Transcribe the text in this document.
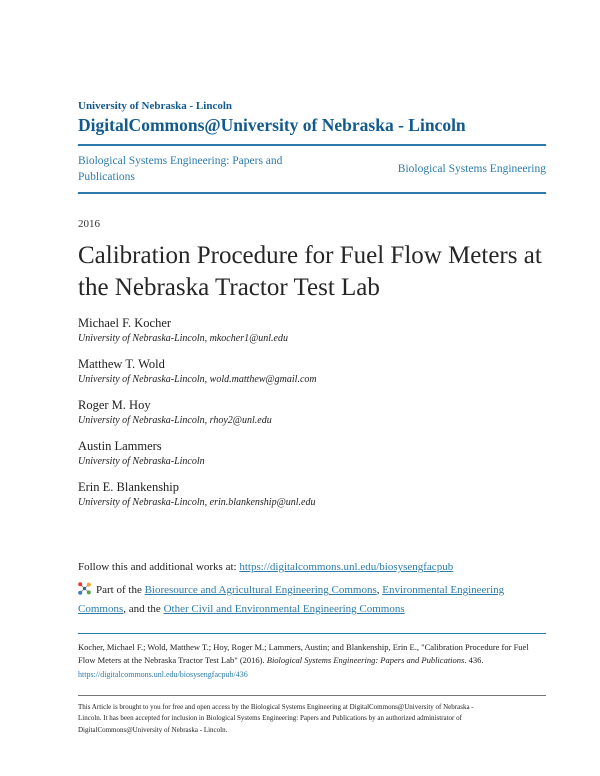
University of Nebraska - Lincoln
DigitalCommons@University of Nebraska - Lincoln
Biological Systems Engineering: Papers and Publications
Biological Systems Engineering
2016
Calibration Procedure for Fuel Flow Meters at the Nebraska Tractor Test Lab
Michael F. Kocher
University of Nebraska-Lincoln, mkocher1@unl.edu
Matthew T. Wold
University of Nebraska-Lincoln, wold.matthew@gmail.com
Roger M. Hoy
University of Nebraska-Lincoln, rhoy2@unl.edu
Austin Lammers
University of Nebraska-Lincoln
Erin E. Blankenship
University of Nebraska-Lincoln, erin.blankenship@unl.edu
Follow this and additional works at: https://digitalcommons.unl.edu/biosysengfacpub
Part of the Bioresource and Agricultural Engineering Commons, Environmental Engineering Commons, and the Other Civil and Environmental Engineering Commons
Kocher, Michael F.; Wold, Matthew T.; Hoy, Roger M.; Lammers, Austin; and Blankenship, Erin E., "Calibration Procedure for Fuel Flow Meters at the Nebraska Tractor Test Lab" (2016). Biological Systems Engineering: Papers and Publications. 436.
https://digitalcommons.unl.edu/biosysengfacpub/436
This Article is brought to you for free and open access by the Biological Systems Engineering at DigitalCommons@University of Nebraska - Lincoln. It has been accepted for inclusion in Biological Systems Engineering: Papers and Publications by an authorized administrator of DigitalCommons@University of Nebraska - Lincoln.
